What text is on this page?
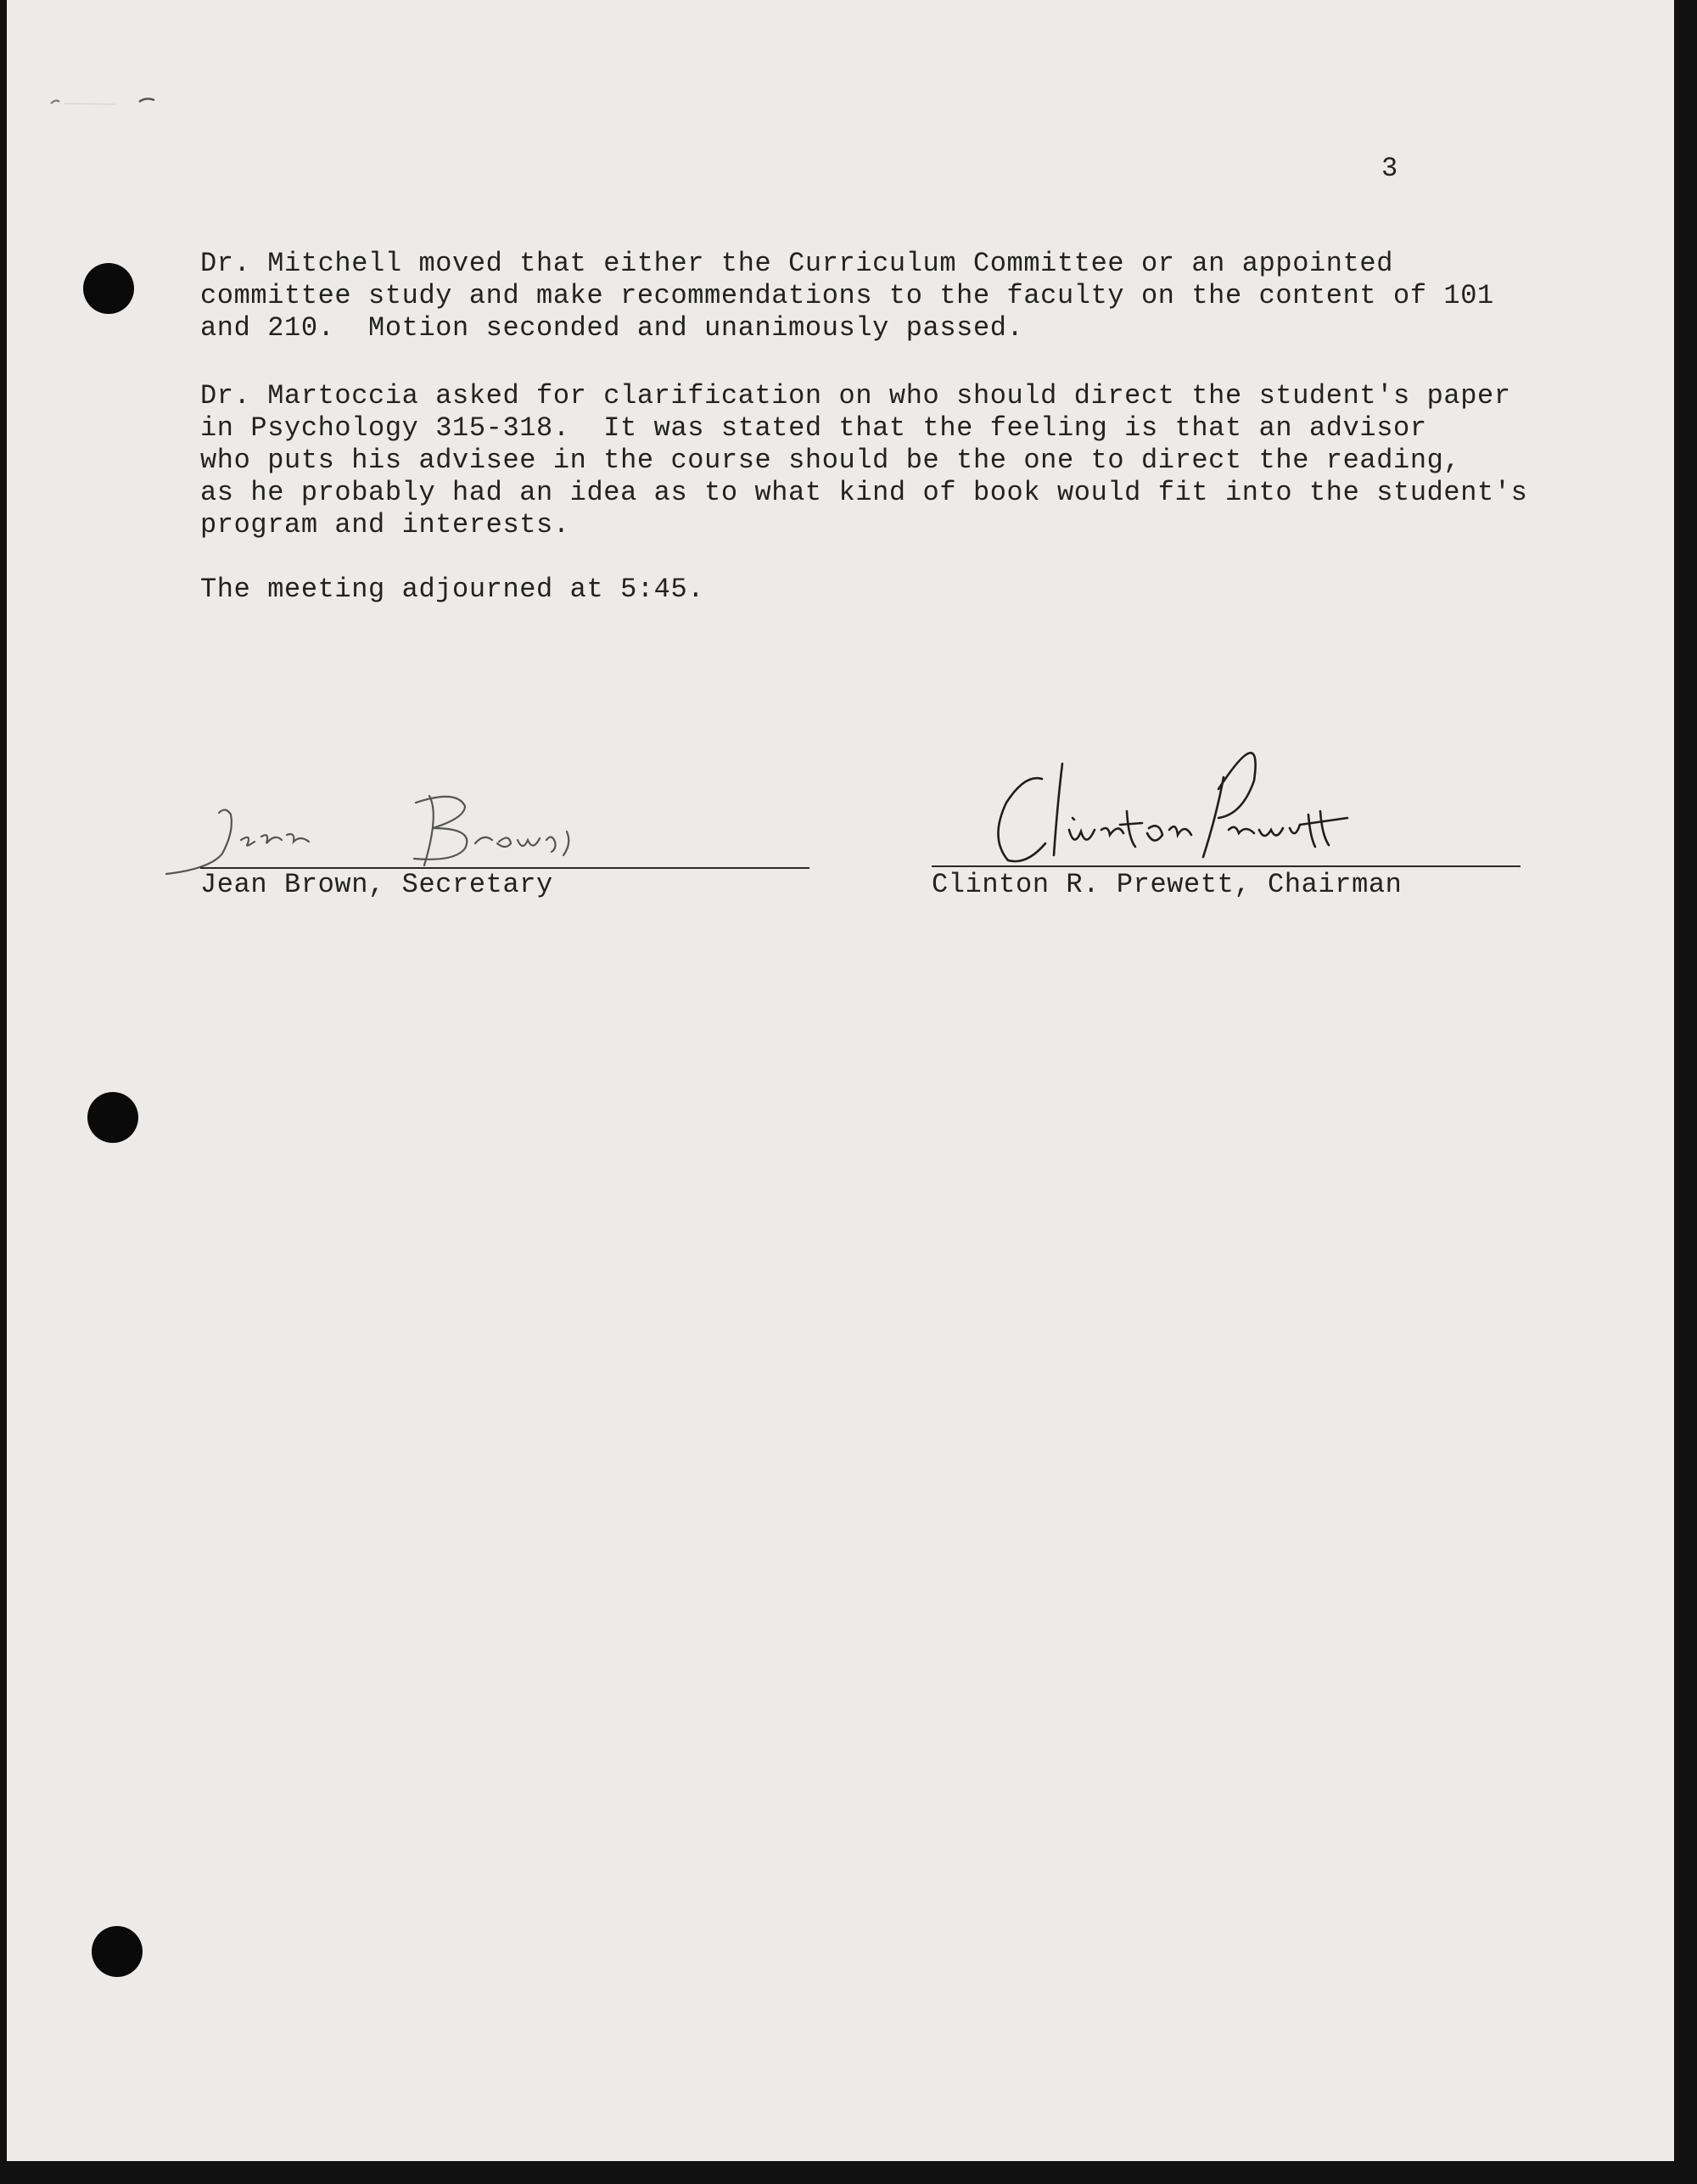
3
Dr. Mitchell moved that either the Curriculum Committee or an appointed
committee study and make recommendations to the faculty on the content of 101
and 210.  Motion seconded and unanimously passed.
Dr. Martoccia asked for clarification on who should direct the student's paper
in Psychology 315-318.  It was stated that the feeling is that an advisor
who puts his advisee in the course should be the one to direct the reading,
as he probably had an idea as to what kind of book would fit into the student's
program and interests.
The meeting adjourned at 5:45.
Jean Brown, Secretary	Clinton R. Prewett, Chairman
